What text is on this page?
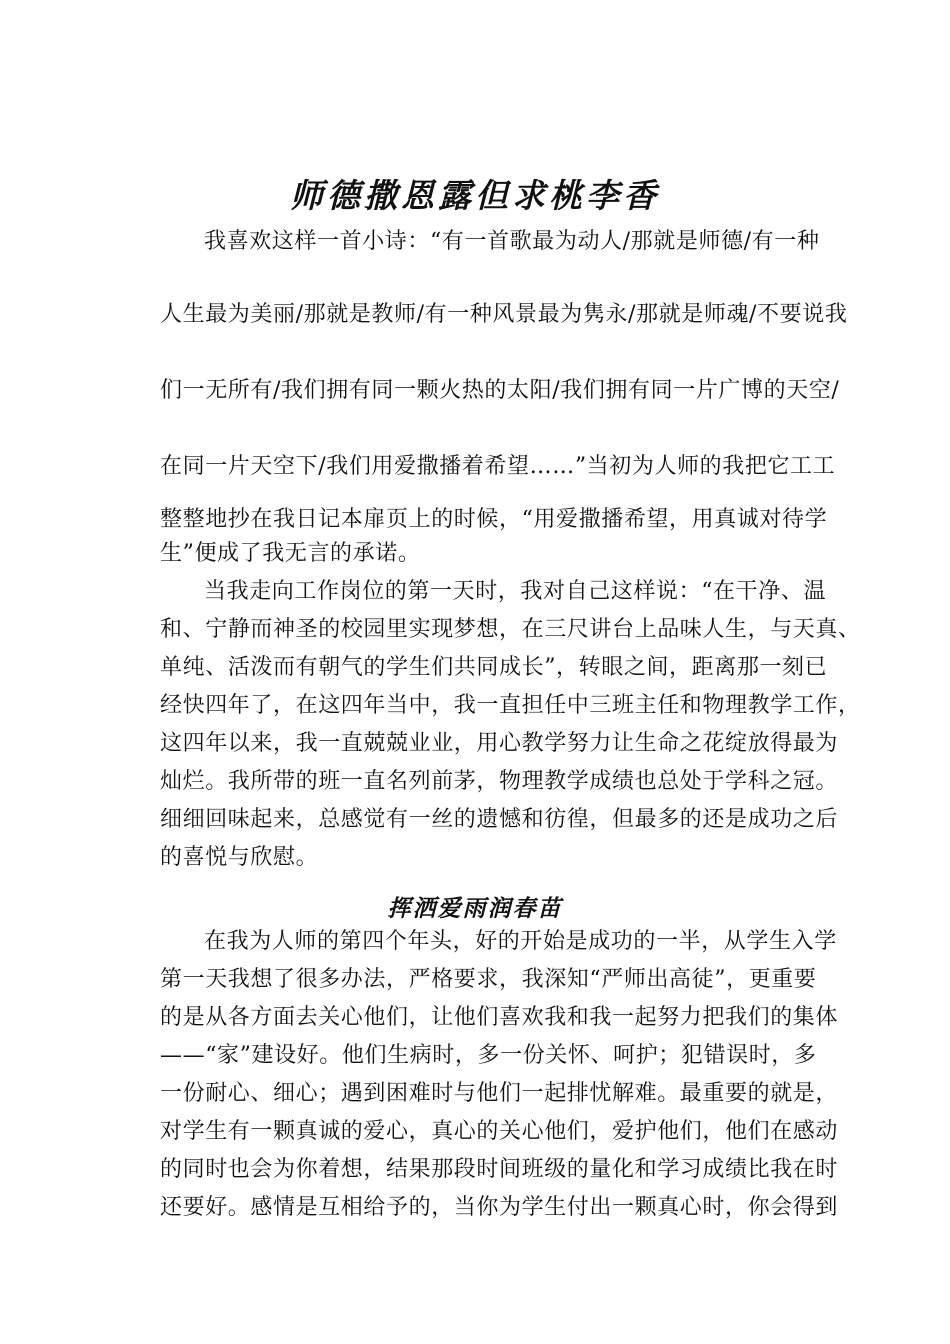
师德撒恩露但求桃李香
我喜欢这样一首小诗：“有一首歌最为动人/那就是师德/有一种
人生最为美丽/那就是教师/有一种风景最为隽永/那就是师魂/不要说我
们一无所有/我们拥有同一颗火热的太阳/我们拥有同一片广博的天空/
在同一片天空下/我们用爱撒播着希望……”当初为人师的我把它工工
整整地抄在我日记本扉页上的时候，“用爱撒播希望，用真诚对待学
生”便成了我无言的承诺。
当我走向工作岗位的第一天时，我对自己这样说：“在干净、温
和、宁静而神圣的校园里实现梦想，在三尺讲台上品味人生，与天真、
单纯、活泼而有朝气的学生们共同成长”，转眼之间，距离那一刻已
经快四年了，在这四年当中，我一直担任中三班主任和物理教学工作，
这四年以来，我一直兢兢业业，用心教学努力让生命之花绽放得最为
灿烂。我所带的班一直名列前茅，物理教学成绩也总处于学科之冠。
细细回味起来，总感觉有一丝的遗憾和彷徨，但最多的还是成功之后
的喜悦与欣慰。
挥洒爱雨润春苗
在我为人师的第四个年头，好的开始是成功的一半，从学生入学
第一天我想了很多办法，严格要求，我深知“严师出高徒”，更重要
的是从各方面去关心他们，让他们喜欢我和我一起努力把我们的集体
——“家”建设好。他们生病时，多一份关怀、呵护；犯错误时，多
一份耐心、细心；遇到困难时与他们一起排忧解难。最重要的就是，
对学生有一颗真诚的爱心，真心的关心他们，爱护他们，他们在感动
的同时也会为你着想，结果那段时间班级的量化和学习成绩比我在时
还要好。感情是互相给予的，当你为学生付出一颗真心时，你会得到
